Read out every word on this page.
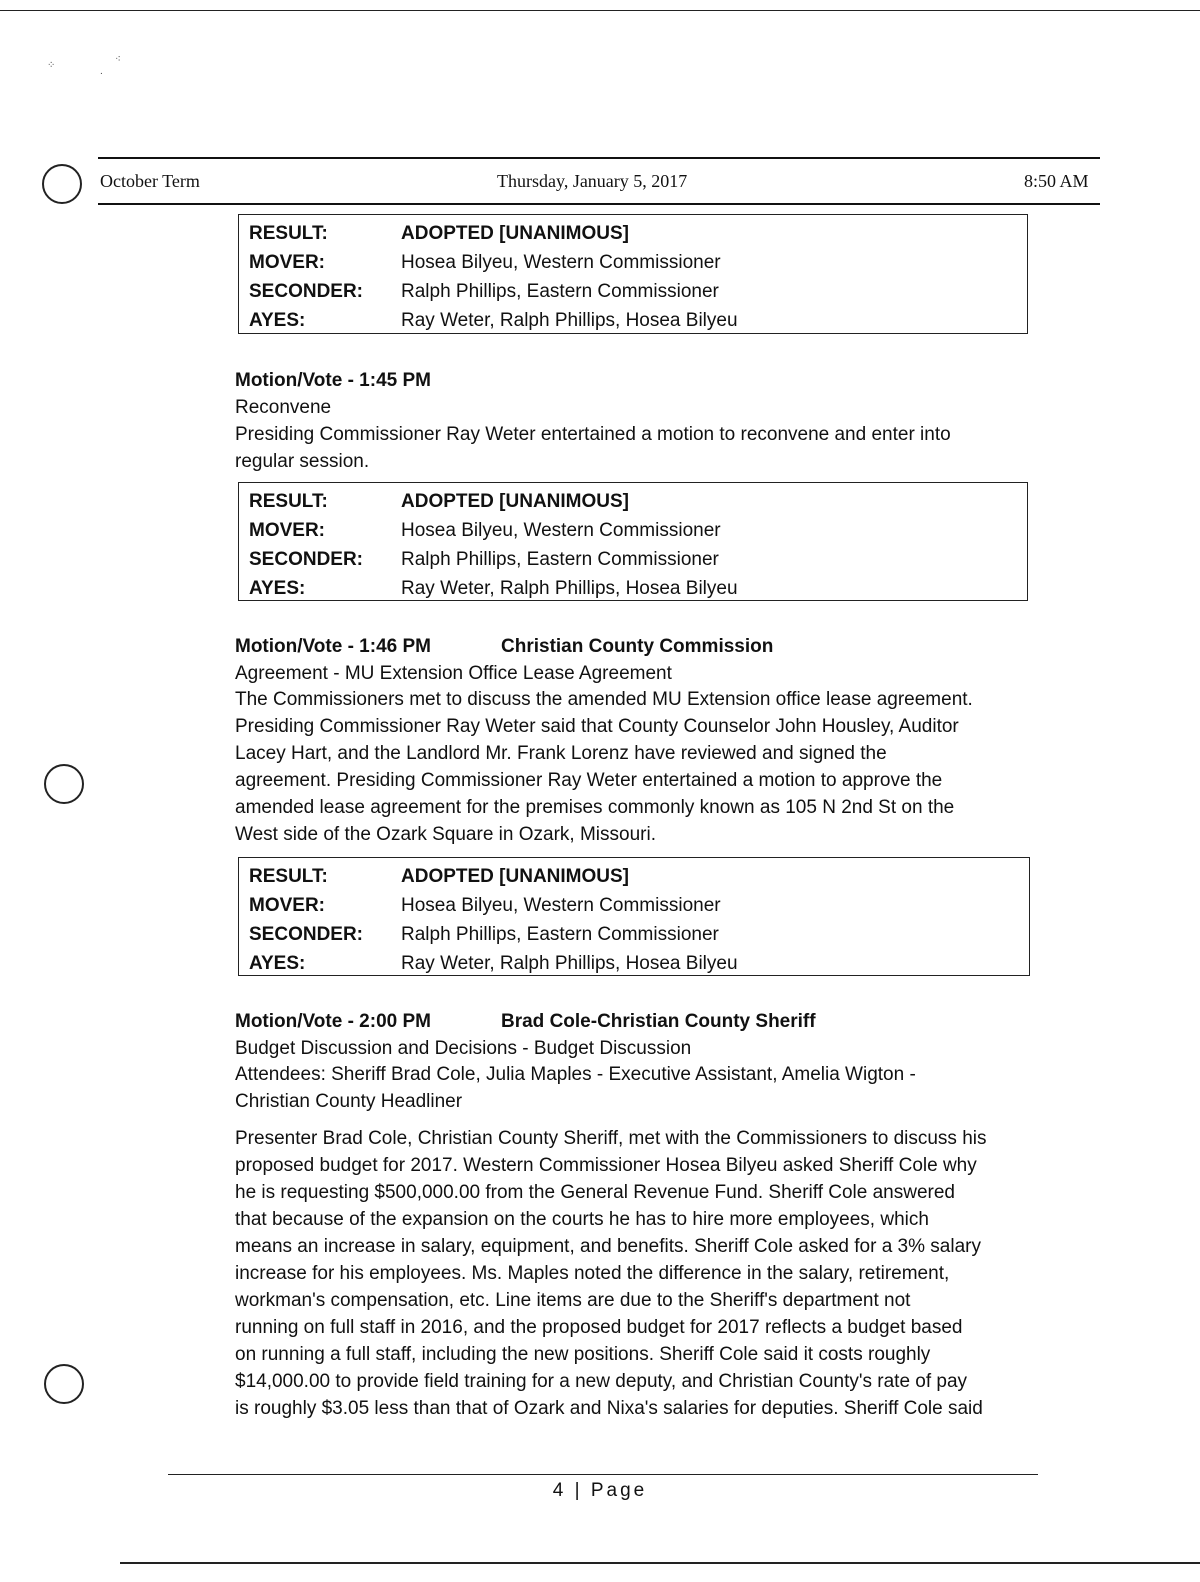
⁘
.
⁖
October Term	Thursday, January 5, 2017	8:50 AM
RESULT:	ADOPTED [UNANIMOUS]
MOVER:	Hosea Bilyeu, Western Commissioner
SECONDER: Ralph Phillips, Eastern Commissioner
AYES:	Ray Weter, Ralph Phillips, Hosea Bilyeu
Motion/Vote - 1:45 PM
Reconvene
Presiding Commissioner Ray Weter entertained a motion to reconvene and enter into
regular session.
RESULT:	ADOPTED [UNANIMOUS]
MOVER:	Hosea Bilyeu, Western Commissioner
SECONDER: Ralph Phillips, Eastern Commissioner
AYES:	Ray Weter, Ralph Phillips, Hosea Bilyeu
Motion/Vote - 1:46 PM	Christian County Commission
Agreement - MU Extension Office Lease Agreement
The Commissioners met to discuss the amended MU Extension office lease agreement.
Presiding Commissioner Ray Weter said that County Counselor John Housley, Auditor
Lacey Hart, and the Landlord Mr. Frank Lorenz have reviewed and signed the
agreement. Presiding Commissioner Ray Weter entertained a motion to approve the
amended lease agreement for the premises commonly known as 105 N 2nd St on the
West side of the Ozark Square in Ozark, Missouri.
RESULT:	ADOPTED [UNANIMOUS]
MOVER:	Hosea Bilyeu, Western Commissioner
SECONDER: Ralph Phillips, Eastern Commissioner
AYES:	Ray Weter, Ralph Phillips, Hosea Bilyeu
Motion/Vote - 2:00 PM	Brad Cole-Christian County Sheriff
Budget Discussion and Decisions - Budget Discussion
Attendees: Sheriff Brad Cole, Julia Maples - Executive Assistant, Amelia Wigton -
Christian County Headliner
Presenter Brad Cole, Christian County Sheriff, met with the Commissioners to discuss his
proposed budget for 2017. Western Commissioner Hosea Bilyeu asked Sheriff Cole why
he is requesting $500,000.00 from the General Revenue Fund. Sheriff Cole answered
that because of the expansion on the courts he has to hire more employees, which
means an increase in salary, equipment, and benefits. Sheriff Cole asked for a 3% salary
increase for his employees. Ms. Maples noted the difference in the salary, retirement,
workman's compensation, etc. Line items are due to the Sheriff's department not
running on full staff in 2016, and the proposed budget for 2017 reflects a budget based
on running a full staff, including the new positions. Sheriff Cole said it costs roughly
$14,000.00 to provide field training for a new deputy, and Christian County's rate of pay
is roughly $3.05 less than that of Ozark and Nixa's salaries for deputies. Sheriff Cole said
4 | Page
